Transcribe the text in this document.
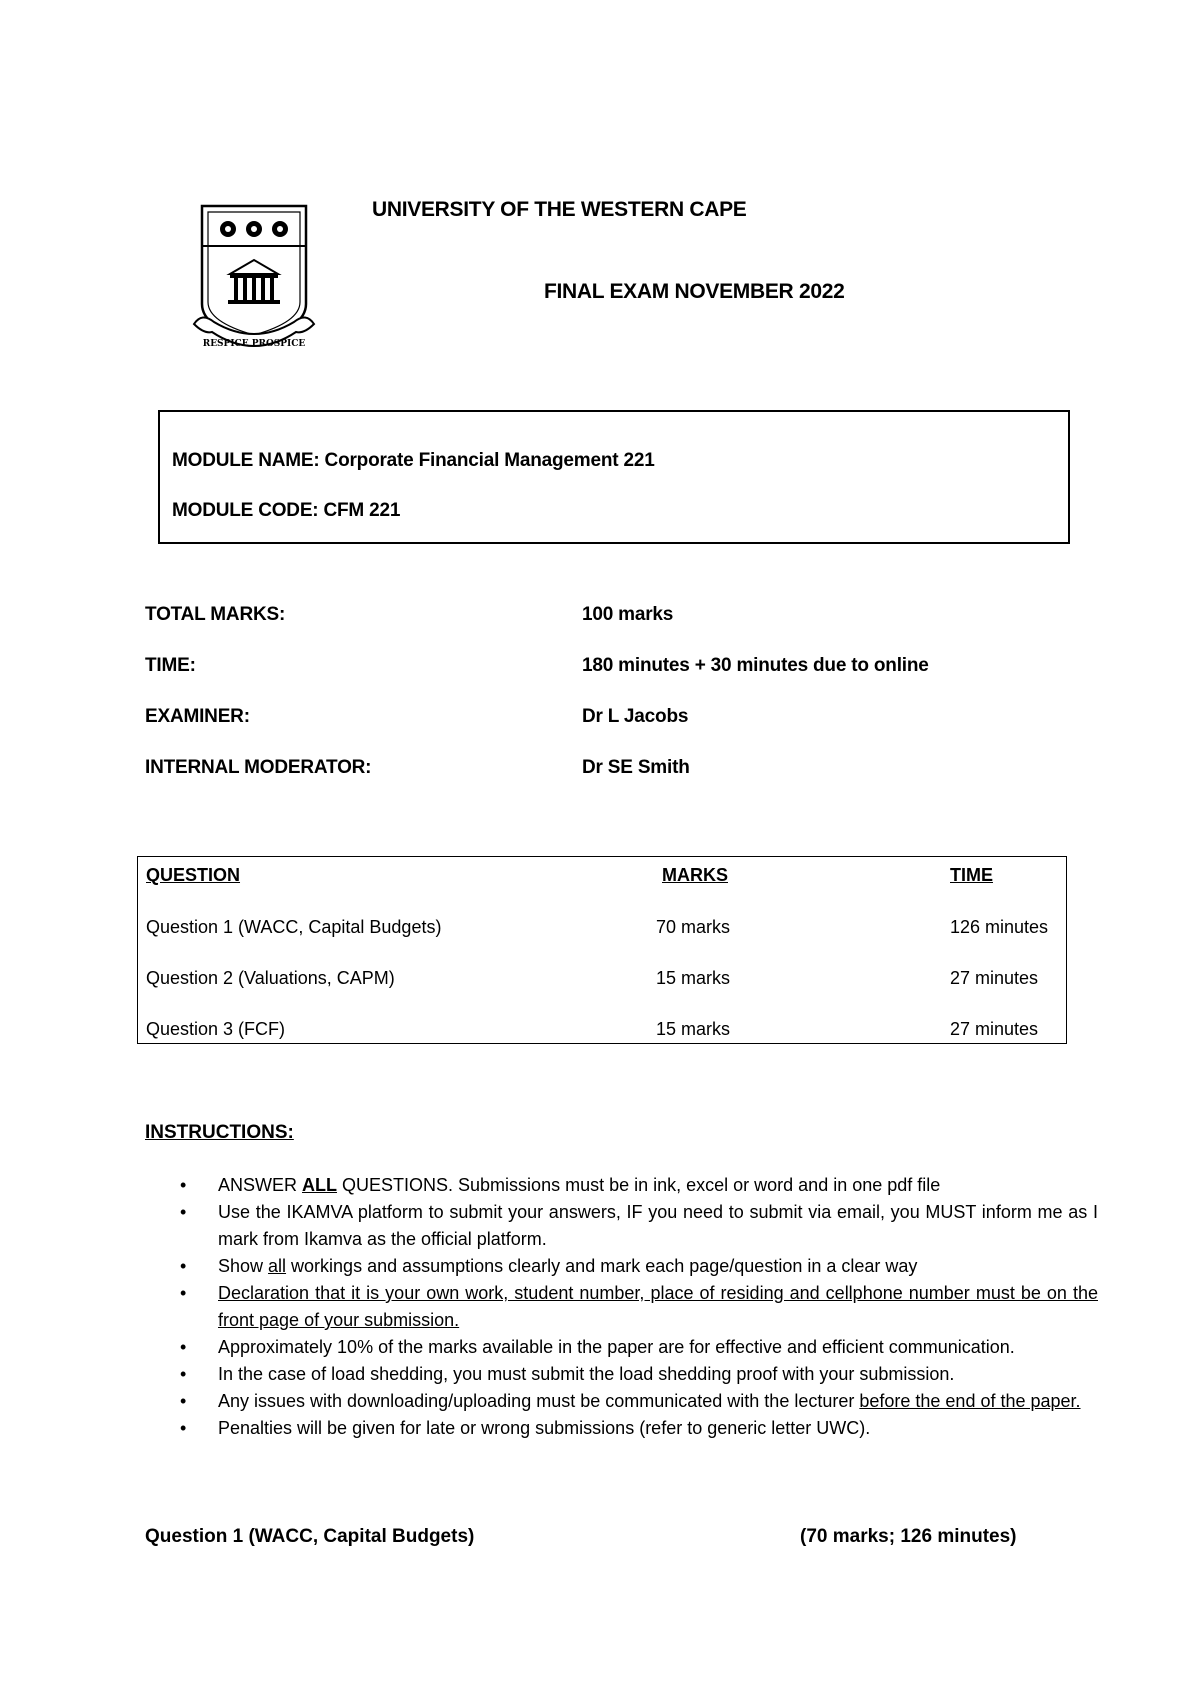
RESPICE PROSPICE
UNIVERSITY OF THE WESTERN CAPE
FINAL EXAM NOVEMBER 2022
MODULE NAME: Corporate Financial Management 221
MODULE CODE: CFM 221
TOTAL MARKS:	100 marks
TIME:	180 minutes + 30 minutes due to online
EXAMINER:	Dr L Jacobs
INTERNAL MODERATOR:	Dr SE Smith
QUESTION	MARKS	TIME
Question 1 (WACC, Capital Budgets)	70 marks	126 minutes
Question 2 (Valuations, CAPM)	15 marks	27 minutes
Question 3 (FCF)	15 marks	27 minutes
INSTRUCTIONS:
• ANSWER ALL QUESTIONS. Submissions must be in ink, excel or word and in one pdf file
• Use the IKAMVA platform to submit your answers, IF you need to submit via email, you MUST inform me as I mark from Ikamva as the official platform.
• Show all workings and assumptions clearly and mark each page/question in a clear way
• Declaration that it is your own work, student number, place of residing and cellphone number must be on the front page of your submission.
• Approximately 10% of the marks available in the paper are for effective and efficient communication.
• In the case of load shedding, you must submit the load shedding proof with your submission.
• Any issues with downloading/uploading must be communicated with the lecturer before the end of the paper.
• Penalties will be given for late or wrong submissions (refer to generic letter UWC).
Question 1 (WACC, Capital Budgets)	(70 marks; 126 minutes)
